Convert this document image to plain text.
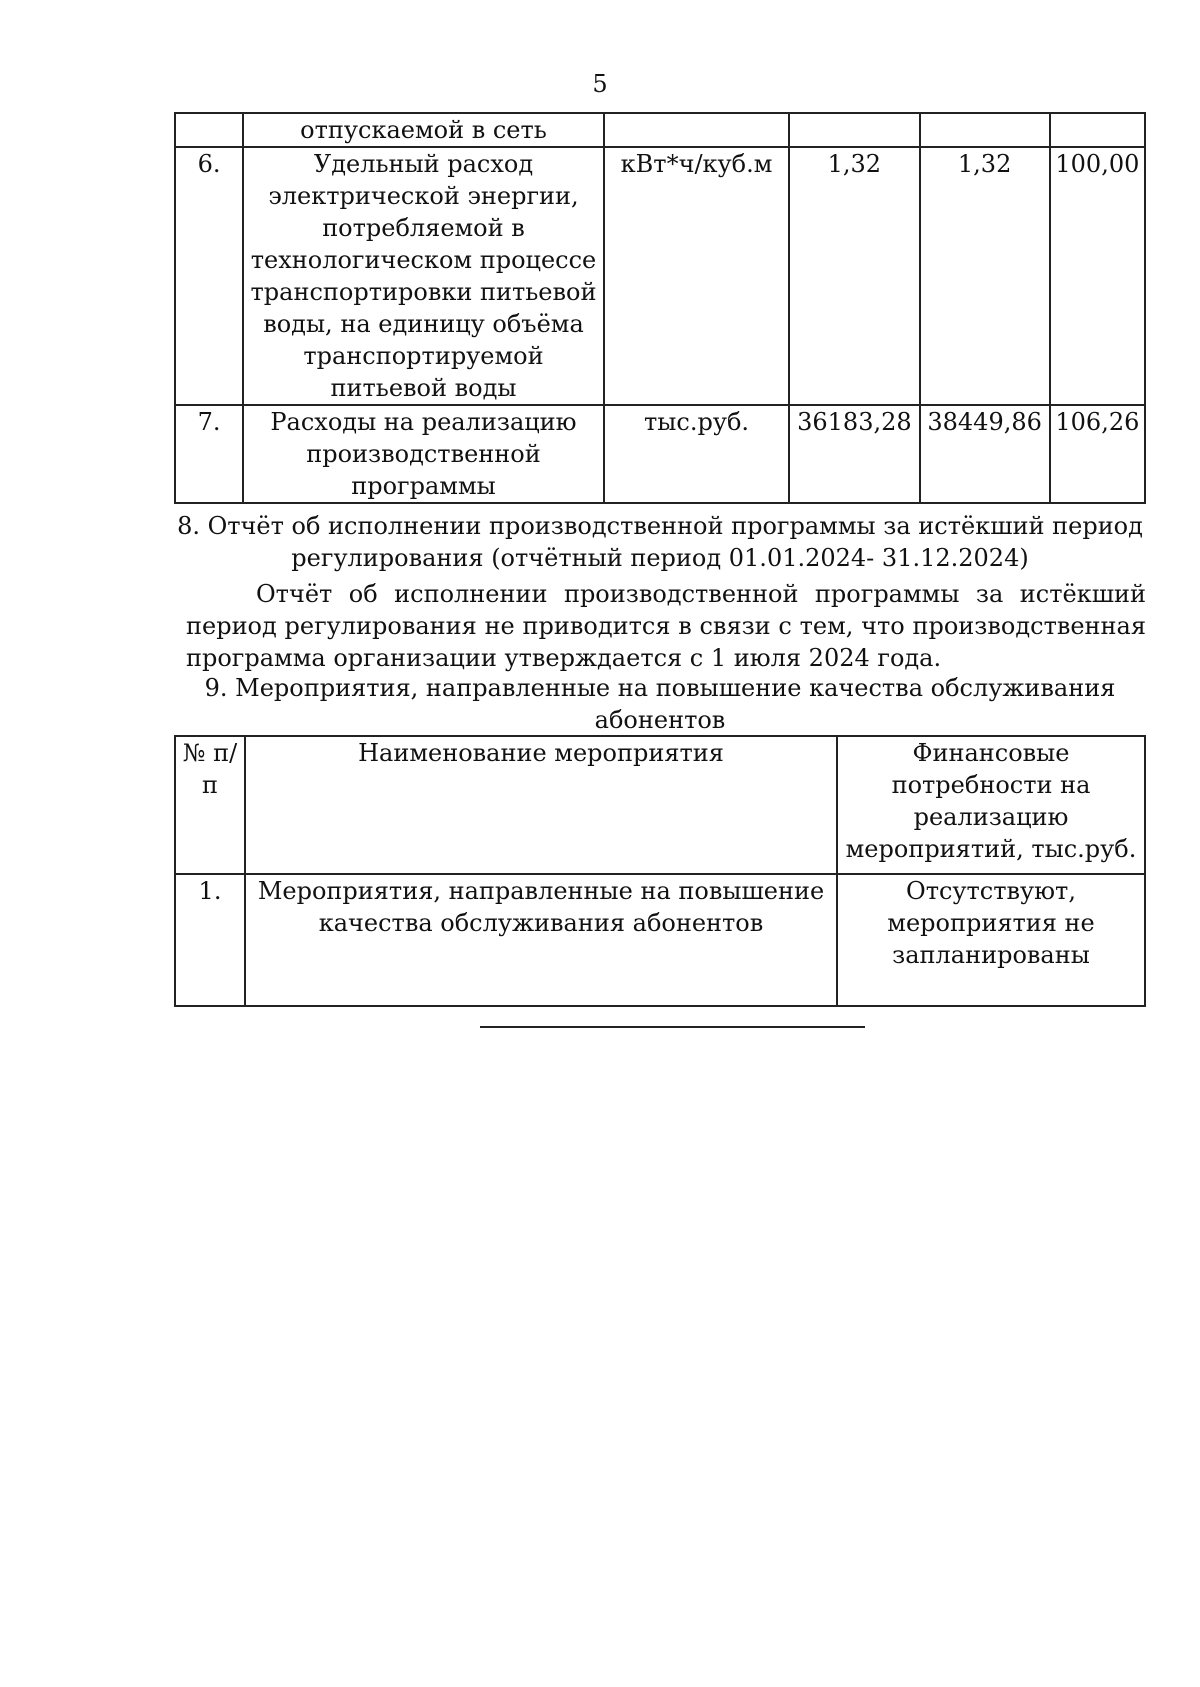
5
	отпускаемой в сеть				
6.	Удельный расход электрической энергии, потребляемой в технологическом процессе транспортировки питьевой воды, на единицу объёма транспортируемой питьевой воды	кВт*ч/куб.м	1,32	1,32	100,00
7.	Расходы на реализацию производственной программы	тыс.руб.	36183,28	38449,86	106,26
8. Отчёт об исполнении производственной программы за истёкший период регулирования (отчётный период 01.01.2024- 31.12.2024)
Отчёт об исполнении производственной программы за истёкший период регулирования не приводится в связи с тем, что производственная программа организации утверждается с 1 июля 2024 года.
9. Мероприятия, направленные на повышение качества обслуживания абонентов
№ п/п	Наименование мероприятия	Финансовые потребности на реализацию мероприятий, тыс.руб.
1.	Мероприятия, направленные на повышение качества обслуживания абонентов	Отсутствуют, мероприятия не запланированы
